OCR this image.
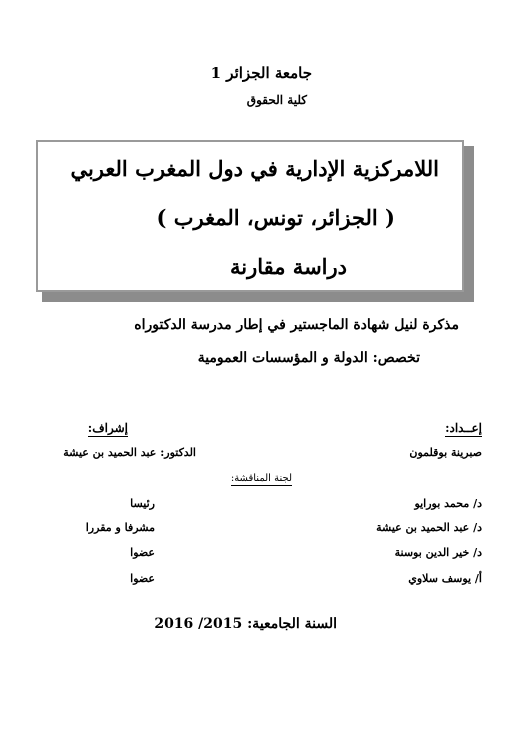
جامعة الجزائر 1
كلية الحقوق
اللامركزية الإدارية في دول المغرب العربي
( الجزائر، تونس، المغرب )
دراسة مقارنة
مذكرة لنيل شهادة الماجستير في إطار مدرسة الدكتوراه
تخصص: الدولة و المؤسسات العمومية
إعــداد:
صبرينة بوقلمون
إشراف:
الدكتور: عبد الحميد بن عيشة
لجنة المناقشة:
د/ محمد بورايو
رئيسا
د/ عبد الحميد بن عيشة
مشرفا و مقررا
د/ خير الدين بوسنة
عضوا
أ/ يوسف سلاوي
عضوا
السنة الجامعية: 2015/ 2016
